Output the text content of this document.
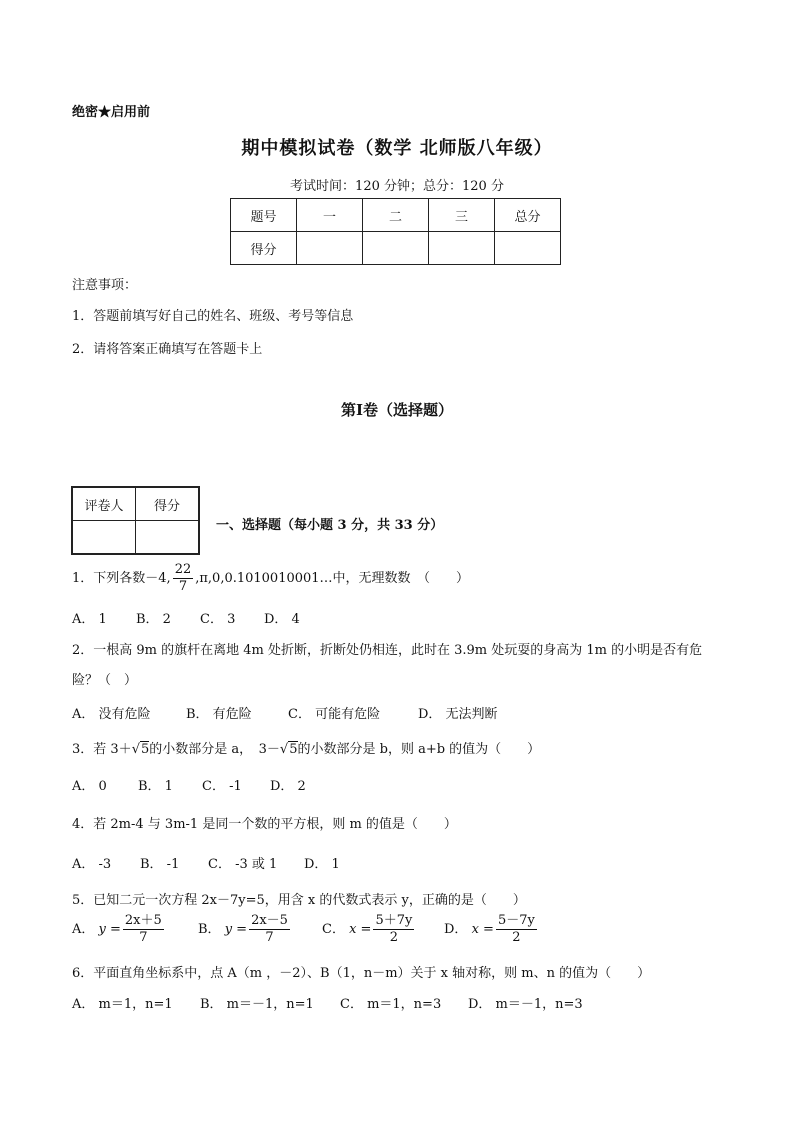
绝密★启用前
期中模拟试卷（数学 北师版八年级）
考试时间：120 分钟；总分：120 分
题号	一	二	三	总分
得分				
注意事项：
1．答题前填写好自己的姓名、班级、考号等信息
2．请将答案正确填写在答题卡上
第I卷（选择题）
评卷人	得分

一、选择题（每小题 3 分，共 33 分）
1．下列各数－4, $\frac{22}{7}$ ,π,0,0.1010010001…中，无理数数　（　　）
A． 1 B． 2 C． 3 D． 4
2．一根高 9m 的旗杆在离地 4m 处折断，折断处仍相连，此时在 3.9m 处玩耍的身高为 1m 的小明是否有危
险？（　）
A． 没有危险	B． 有危险	C． 可能有危险	D． 无法判断
3．若 3＋√5的小数部分是 a，　3－√5的小数部分是 b，则 a+b 的值为（　　）
A． 0 B． 1 C． -1 D． 2
4．若 2m-4 与 3m-1 是同一个数的平方根，则 m 的值是（　　）
A． -3 B． -1 C． -3 或 1 D． 1
5．已知二元一次方程 2x－7y=5，用含 x 的代数式表示 y，正确的是（　　）
A． $y = \frac{2x+5}{7}$	B． $y = \frac{2x-5}{7}$ C． $x = \frac{5+7y}{2}$ D． $x = \frac{5-7y}{2}$
6．平面直角坐标系中，点 A（m ，－2）、B（1，n－m）关于 x 轴对称，则 m、n 的值为（　　）
A． m＝1，n=1 B． m＝－1，n=1 C． m＝1，n=3 D． m＝－1，n=3
